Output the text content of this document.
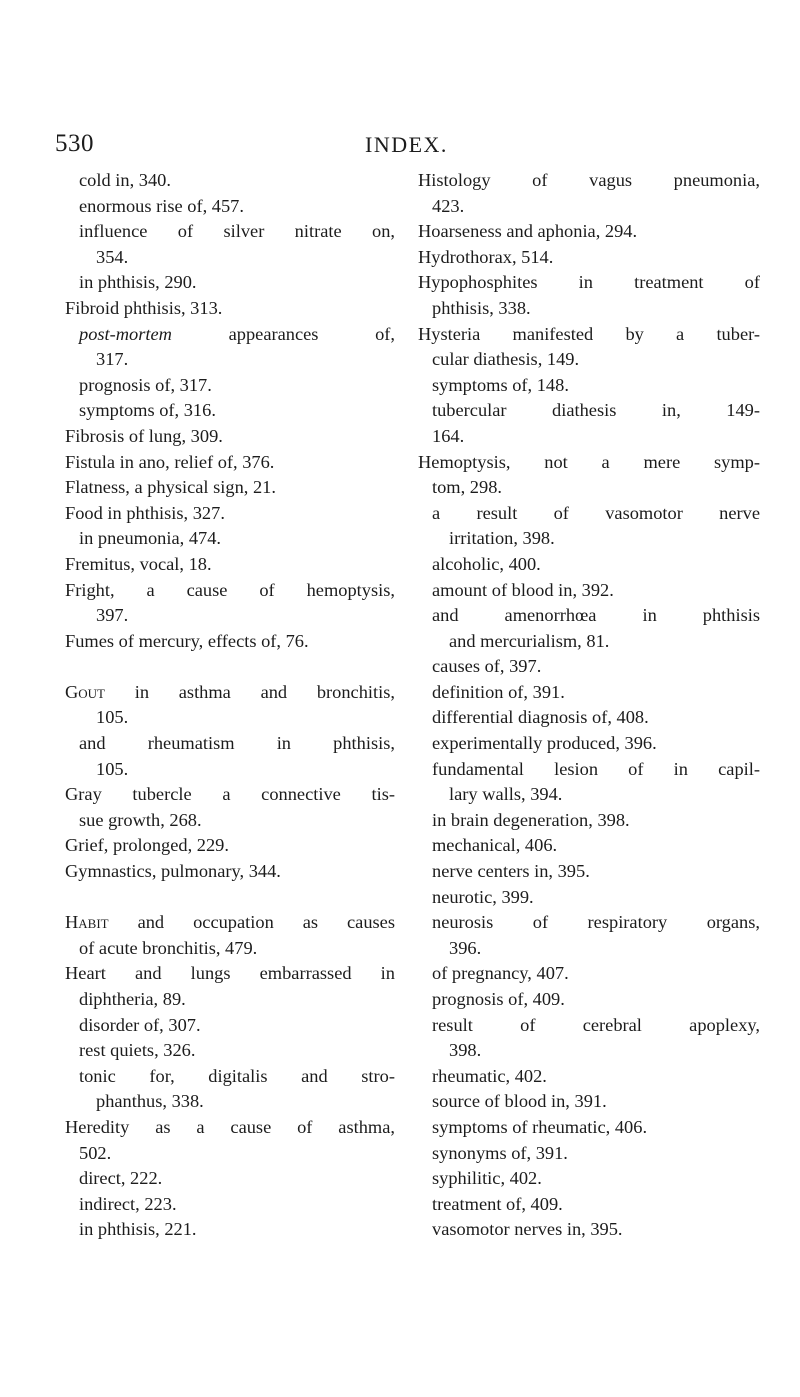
530	INDEX.
cold in, 340.
enormous rise of, 457.
influence of silver nitrate on,
354.
in phthisis, 290.
Fibroid phthisis, 313.
post-mortem appearances of,
317.
prognosis of, 317.
symptoms of, 316.
Fibrosis of lung, 309.
Fistula in ano, relief of, 376.
Flatness, a physical sign, 21.
Food in phthisis, 327.
in pneumonia, 474.
Fremitus, vocal, 18.
Fright, a cause of hemoptysis,
397.
Fumes of mercury, effects of, 76.
Gout in asthma and bronchitis,
105.
and rheumatism in phthisis,
105.
Gray tubercle a connective tis-
sue growth, 268.
Grief, prolonged, 229.
Gymnastics, pulmonary, 344.
Habit and occupation as causes
of acute bronchitis, 479.
Heart and lungs embarrassed in
diphtheria, 89.
disorder of, 307.
rest quiets, 326.
tonic for, digitalis and stro-
phanthus, 338.
Heredity as a cause of asthma,
502.
direct, 222.
indirect, 223.
in phthisis, 221.
Histology of vagus pneumonia,
423.
Hoarseness and aphonia, 294.
Hydrothorax, 514.
Hypophosphites in treatment of
phthisis, 338.
Hysteria manifested by a tuber-
cular diathesis, 149.
symptoms of, 148.
tubercular diathesis in, 149-
164.
Hemoptysis, not a mere symp-
tom, 298.
a result of vasomotor nerve
irritation, 398.
alcoholic, 400.
amount of blood in, 392.
and amenorrhœa in phthisis
and mercurialism, 81.
causes of, 397.
definition of, 391.
differential diagnosis of, 408.
experimentally produced, 396.
fundamental lesion of in capil-
lary walls, 394.
in brain degeneration, 398.
mechanical, 406.
nerve centers in, 395.
neurotic, 399.
neurosis of respiratory organs,
396.
of pregnancy, 407.
prognosis of, 409.
result of cerebral apoplexy,
398.
rheumatic, 402.
source of blood in, 391.
symptoms of rheumatic, 406.
synonyms of, 391.
syphilitic, 402.
treatment of, 409.
vasomotor nerves in, 395.
